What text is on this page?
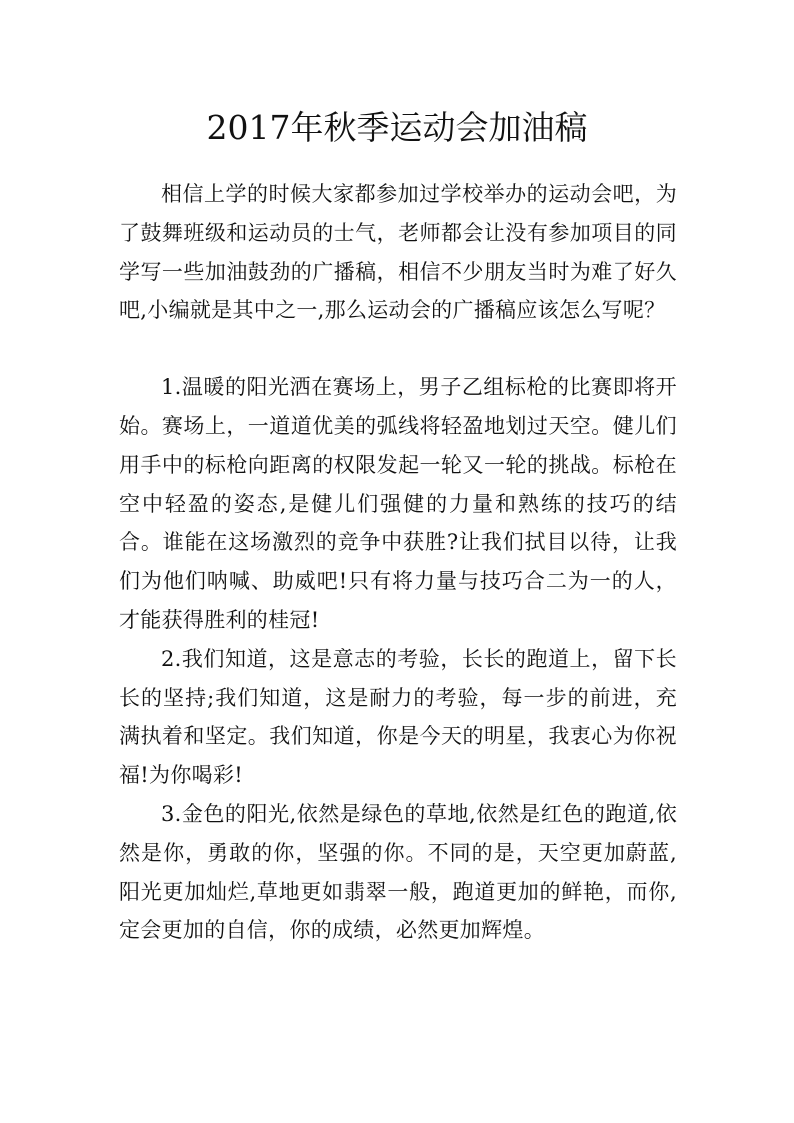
2017年秋季运动会加油稿

相信上学的时候大家都参加过学校举办的运动会吧，为了鼓舞班级和运动员的士气，老师都会让没有参加项目的同学写一些加油鼓劲的广播稿，相信不少朋友当时为难了好久吧,小编就是其中之一,那么运动会的广播稿应该怎么写呢？

1.温暖的阳光洒在赛场上，男子乙组标枪的比赛即将开始。赛场上，一道道优美的弧线将轻盈地划过天空。健儿们用手中的标枪向距离的权限发起一轮又一轮的挑战。标枪在空中轻盈的姿态,是健儿们强健的力量和熟练的技巧的结合。谁能在这场激烈的竞争中获胜?让我们拭目以待，让我们为他们呐喊、助威吧!只有将力量与技巧合二为一的人，才能获得胜利的桂冠!

2.我们知道，这是意志的考验，长长的跑道上，留下长长的坚持;我们知道，这是耐力的考验，每一步的前进，充满执着和坚定。我们知道，你是今天的明星，我衷心为你祝福!为你喝彩!

3.金色的阳光,依然是绿色的草地,依然是红色的跑道,依然是你，勇敢的你，坚强的你。不同的是，天空更加蔚蓝,阳光更加灿烂,草地更如翡翠一般，跑道更加的鲜艳，而你,定会更加的自信，你的成绩，必然更加辉煌。
